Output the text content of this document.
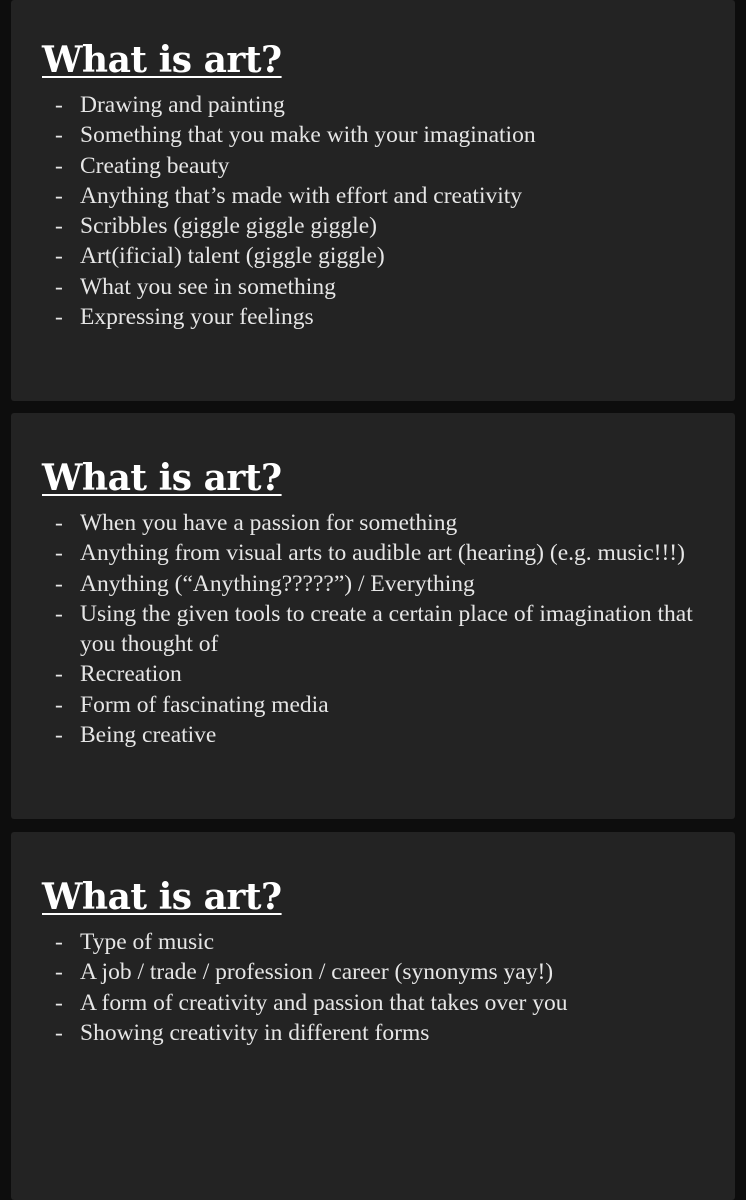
What is art?
- Drawing and painting
- Something that you make with your imagination
- Creating beauty
- Anything that’s made with effort and creativity
- Scribbles (giggle giggle giggle)
- Art(ificial) talent (giggle giggle)
- What you see in something
- Expressing your feelings
What is art?
- When you have a passion for something
- Anything from visual arts to audible art (hearing) (e.g. music!!!)
- Anything (“Anything?????”) / Everything
- Using the given tools to create a certain place of imagination that you thought of
- Recreation
- Form of fascinating media
- Being creative
What is art?
- Type of music
- A job / trade / profession / career (synonyms yay!)
- A form of creativity and passion that takes over you
- Showing creativity in different forms
